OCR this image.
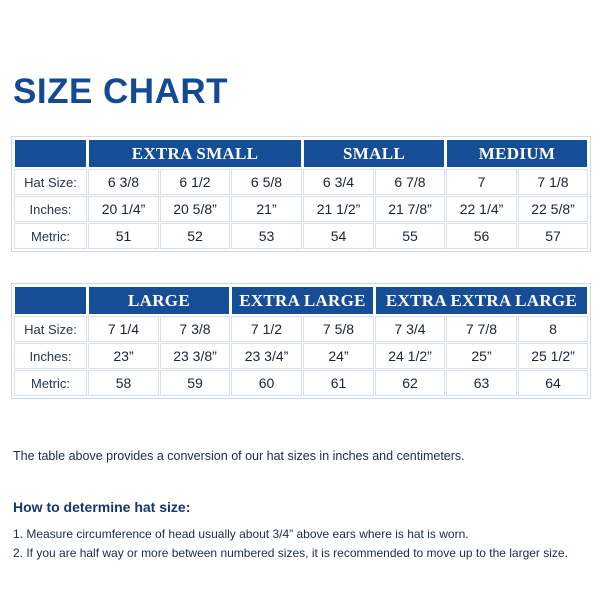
SIZE CHART
	EXTRA SMALL			SMALL		MEDIUM	
Hat Size:	6 3/8	6 1/2	6 5/8	6 3/4	6 7/8	7	7 1/8
Inches:	20 1/4”	20 5/8”	21”	21 1/2”	21 7/8”	22 1/4”	22 5/8”
Metric:	51	52	53	54	55	56	57
	LARGE		EXTRA LARGE		EXTRA EXTRA LARGE		
Hat Size:	7 1/4	7 3/8	7 1/2	7 5/8	7 3/4	7 7/8	8
Inches:	23”	23 3/8”	23 3/4”	24”	24 1/2”	25”	25 1/2”
Metric:	58	59	60	61	62	63	64
The table above provides a conversion of our hat sizes in inches and centimeters.
How to determine hat size:
1. Measure circumference of head usually about 3/4” above ears where is hat is worn.
2. If you are half way or more between numbered sizes, it is recommended to move up to the larger size.
